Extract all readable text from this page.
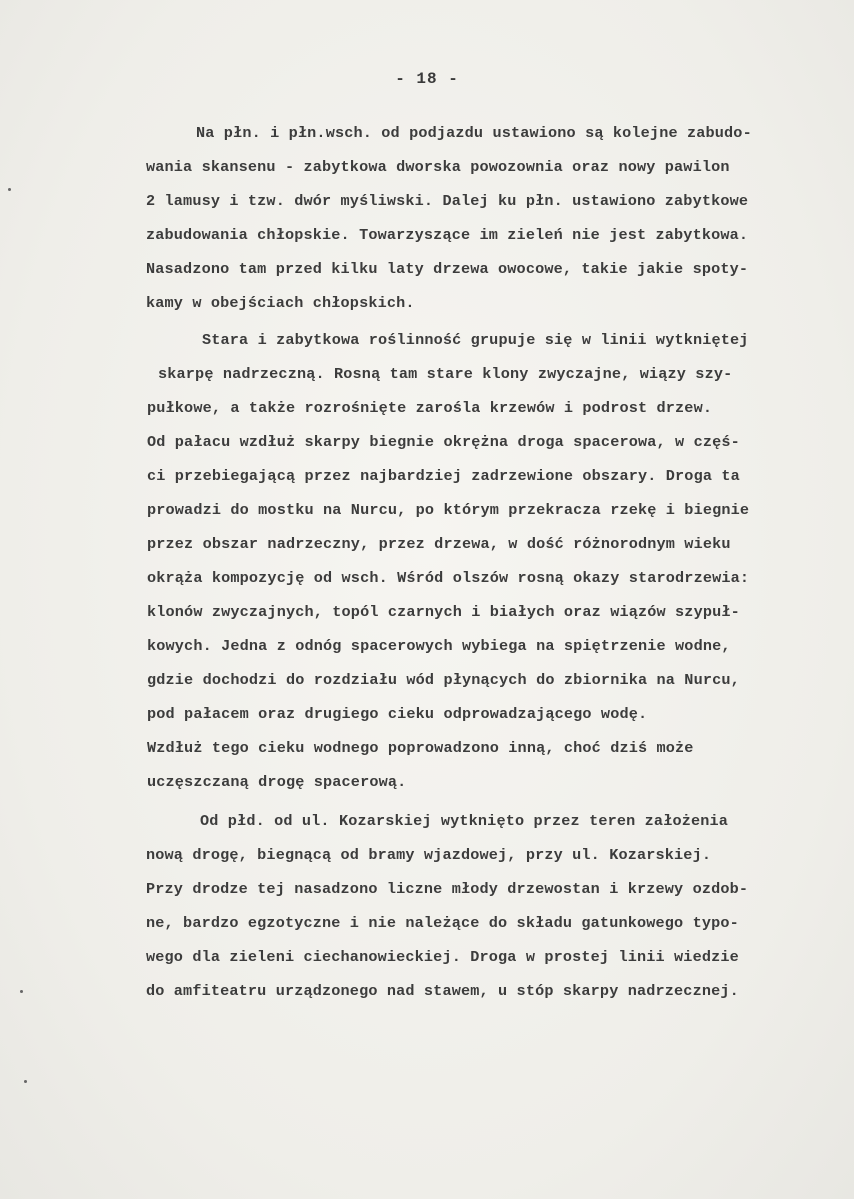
- 18 -
Na płn. i płn.wsch. od podjazdu ustawiono są kolejne zabudo-
wania skansenu - zabytkowa dworska powozownia oraz nowy pawilon
2 lamusy i tzw. dwór myśliwski. Dalej ku płn. ustawiono zabytkowe
zabudowania chłopskie. Towarzyszące im zieleń nie jest zabytkowa.
Nasadzono tam przed kilku laty drzewa owocowe, takie jakie spoty-
kamy w obejściach chłopskich.
Stara i zabytkowa roślinność grupuje się w linii wytkniętej
skarpę nadrzeczną. Rosną tam stare klony zwyczajne, wiązy szy-
pułkowe, a także rozrośnięte zarośla krzewów i podrost drzew.
Od pałacu wzdłuż skarpy biegnie okrężna droga spacerowa, w częś-
ci przebiegającą przez najbardziej zadrzewione obszary. Droga ta
prowadzi do mostku na Nurcu, po którym przekracza rzekę i biegnie
przez obszar nadrzeczny, przez drzewa, w dość różnorodnym wieku
okrąża kompozycję od wsch. Wśród olszów rosną okazy starodrzewia:
klonów zwyczajnych, topól czarnych i białych oraz wiązów szypuł-
kowych. Jedna z odnóg spacerowych wybiega na spiętrzenie wodne,
gdzie dochodzi do rozdziału wód płynących do zbiornika na Nurcu,
pod pałacem oraz drugiego cieku odprowadzającego wodę.
Wzdłuż tego cieku wodnego poprowadzono inną, choć dziś może
uczęszczaną drogę spacerową.
Od płd. od ul. Kozarskiej wytknięto przez teren założenia
nową drogę, biegnącą od bramy wjazdowej, przy ul. Kozarskiej.
Przy drodze tej nasadzono liczne młody drzewostan i krzewy ozdob-
ne, bardzo egzotyczne i nie należące do składu gatunkowego typo-
wego dla zieleni ciechanowieckiej. Droga w prostej linii wiedzie
do amfiteatru urządzonego nad stawem, u stóp skarpy nadrzecznej.
